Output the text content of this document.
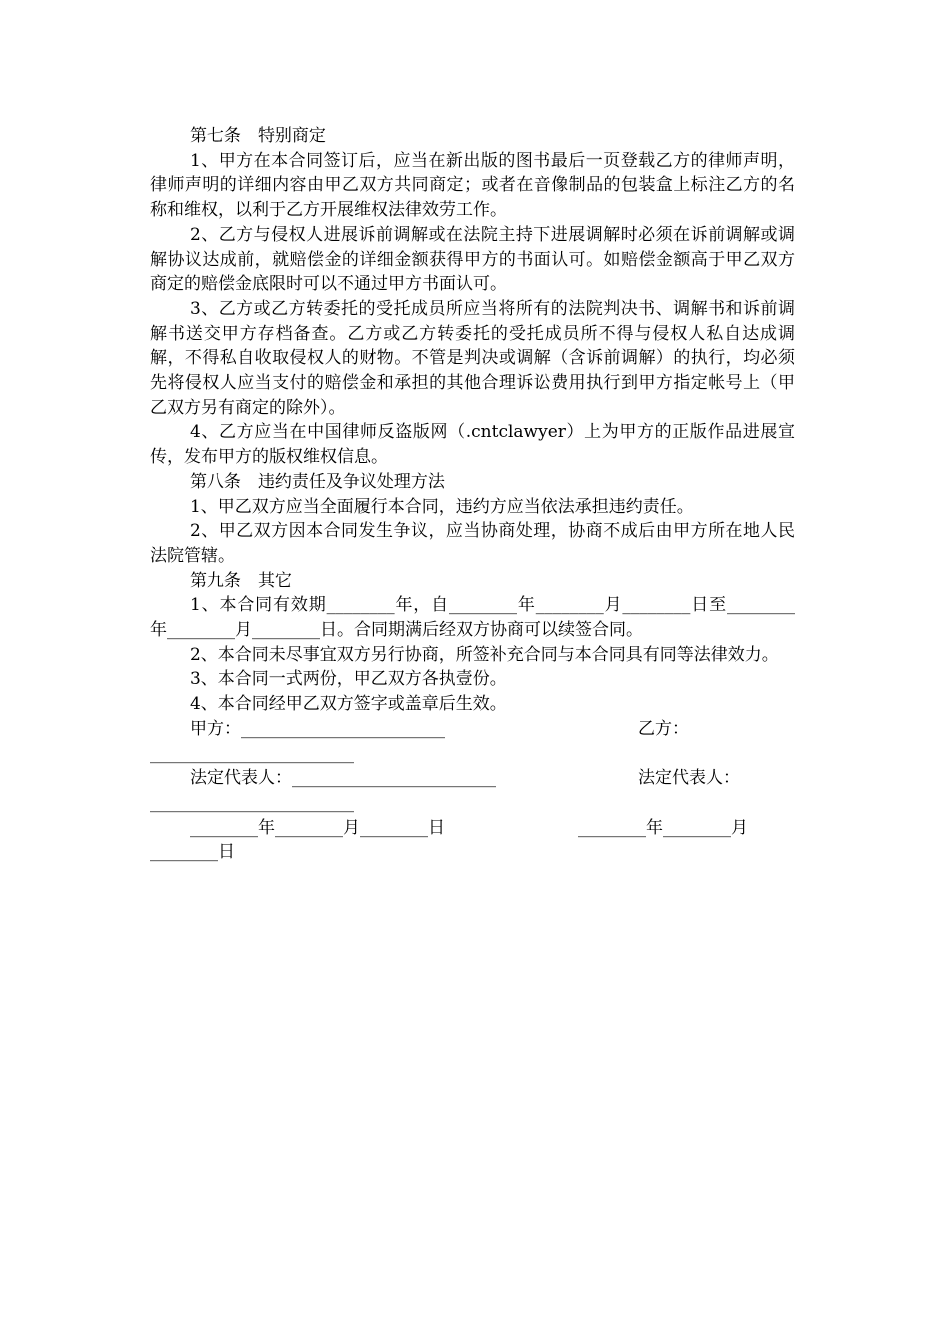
第七条 特别商定

1、甲方在本合同签订后，应当在新出版的图书最后一页登载乙方的律师声明，律师声明的详细内容由甲乙双方共同商定；或者在音像制品的包装盒上标注乙方的名称和维权，以利于乙方开展维权法律效劳工作。

2、乙方与侵权人进展诉前调解或在法院主持下进展调解时必须在诉前调解或调解协议达成前，就赔偿金的详细金额获得甲方的书面认可。如赔偿金额高于甲乙双方商定的赔偿金底限时可以不通过甲方书面认可。

3、乙方或乙方转委托的受托成员所应当将所有的法院判决书、调解书和诉前调解书送交甲方存档备查。乙方或乙方转委托的受托成员所不得与侵权人私自达成调解，不得私自收取侵权人的财物。不管是判决或调解（含诉前调解）的执行，均必须先将侵权人应当支付的赔偿金和承担的其他合理诉讼费用执行到甲方指定帐号上（甲乙双方另有商定的除外）。

4、乙方应当在中国律师反盗版网（.cntclawyer）上为甲方的正版作品进展宣传，发布甲方的版权维权信息。

第八条 违约责任及争议处理方法

1、甲乙双方应当全面履行本合同，违约方应当依法承担违约责任。

2、甲乙双方因本合同发生争议，应当协商处理，协商不成后由甲方所在地人民法院管辖。

第九条 其它

1、本合同有效期________年，自________年________月________日至________年________月________日。合同期满后经双方协商可以续签合同。

2、本合同未尽事宜双方另行协商，所签补充合同与本合同具有同等法律效力。

3、本合同一式两份，甲乙双方各执壹份。

4、本合同经甲乙双方签字或盖章后生效。

甲方：________________________	乙方：
________________________
法定代表人：________________________	法定代表人：
________________________
________年________月________日	________年________月
________日
